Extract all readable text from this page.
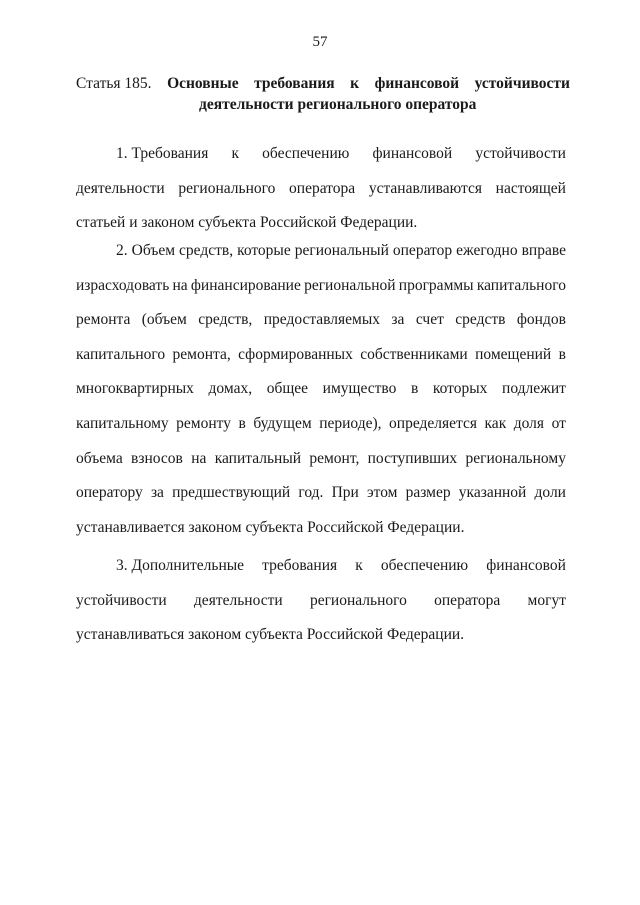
57
Статья 185. Основные требования к финансовой устойчивости
деятельности регионального оператора
1. Требования к обеспечению финансовой устойчивости
деятельности регионального оператора устанавливаются настоящей
статьей и законом субъекта Российской Федерации.
2. Объем средств, которые региональный оператор ежегодно вправе
израсходовать на финансирование региональной программы капитального
ремонта (объем средств, предоставляемых за счет средств фондов
капитального ремонта, сформированных собственниками помещений в
многоквартирных домах, общее имущество в которых подлежит
капитальному ремонту в будущем периоде), определяется как доля от
объема взносов на капитальный ремонт, поступивших региональному
оператору за предшествующий год. При этом размер указанной доли
устанавливается законом субъекта Российской Федерации.
3. Дополнительные требования к обеспечению финансовой
устойчивости деятельности регионального оператора могут
устанавливаться законом субъекта Российской Федерации.
